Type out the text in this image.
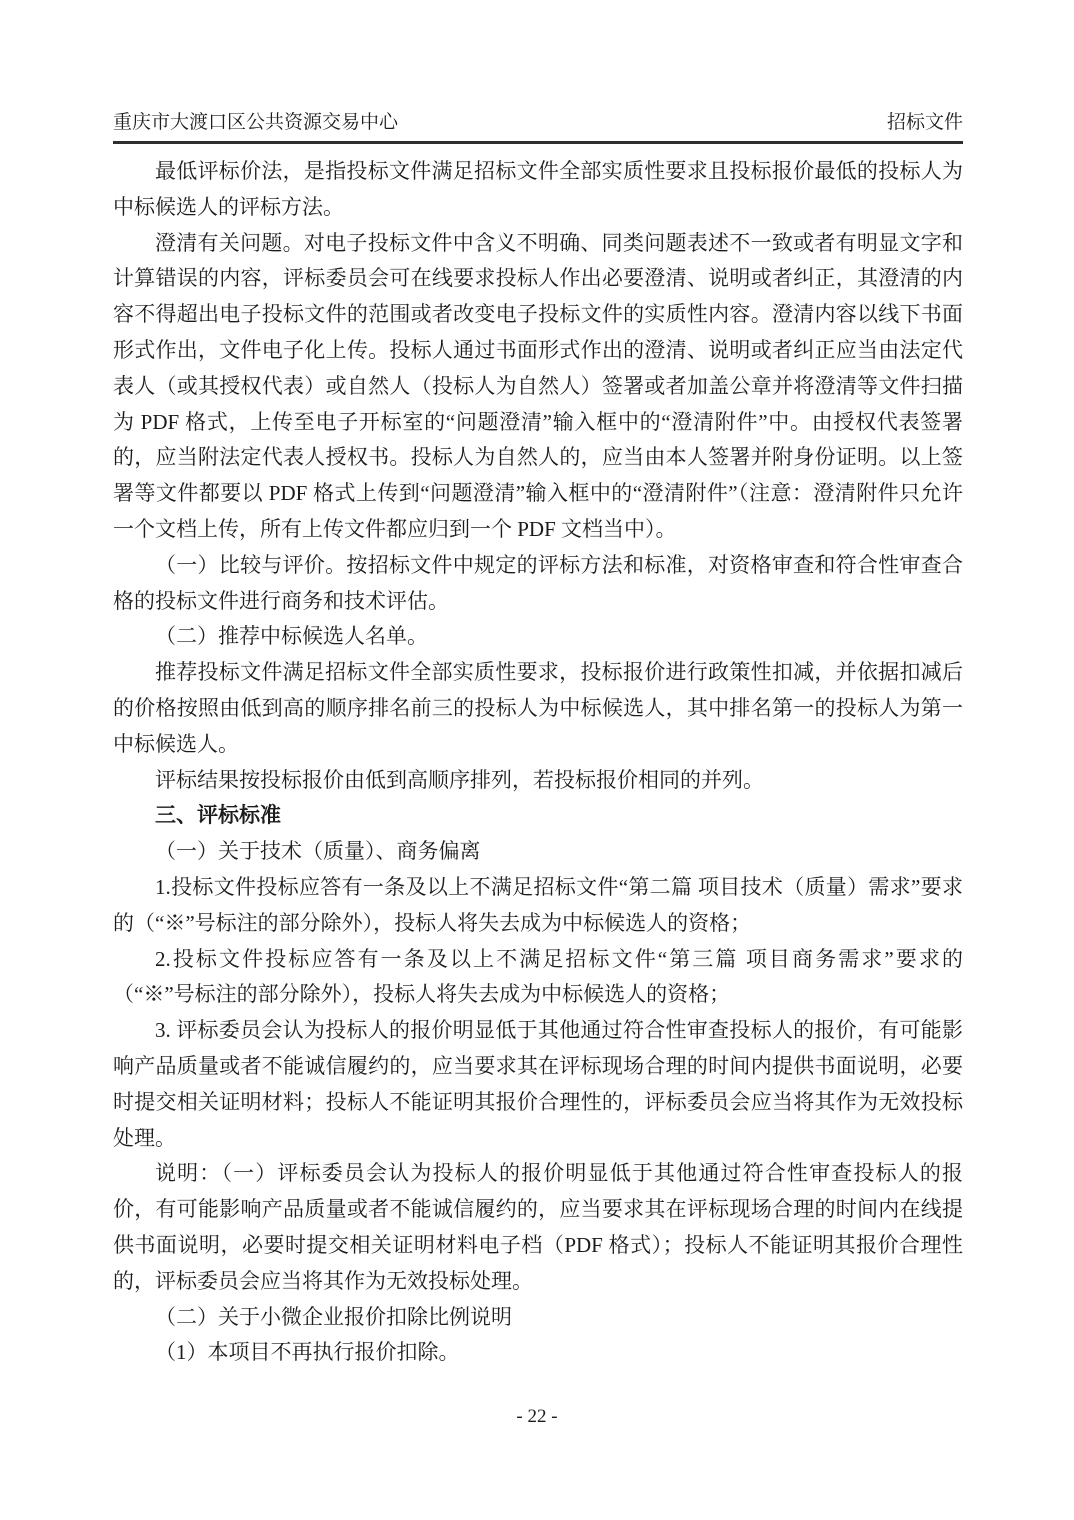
重庆市大渡口区公共资源交易中心	招标文件

最低评标价法，是指投标文件满足招标文件全部实质性要求且投标报价最低的投标人为中标候选人的评标方法。

澄清有关问题。对电子投标文件中含义不明确、同类问题表述不一致或者有明显文字和计算错误的内容，评标委员会可在线要求投标人作出必要澄清、说明或者纠正，其澄清的内容不得超出电子投标文件的范围或者改变电子投标文件的实质性内容。澄清内容以线下书面形式作出，文件电子化上传。投标人通过书面形式作出的澄清、说明或者纠正应当由法定代表人（或其授权代表）或自然人（投标人为自然人）签署或者加盖公章并将澄清等文件扫描为 PDF 格式，上传至电子开标室的“问题澄清”输入框中的“澄清附件”中。由授权代表签署的，应当附法定代表人授权书。投标人为自然人的，应当由本人签署并附身份证明。以上签署等文件都要以 PDF 格式上传到“问题澄清”输入框中的“澄清附件”（注意：澄清附件只允许一个文档上传，所有上传文件都应归到一个 PDF 文档当中）。

（一）比较与评价。按招标文件中规定的评标方法和标准，对资格审查和符合性审查合格的投标文件进行商务和技术评估。

（二）推荐中标候选人名单。

推荐投标文件满足招标文件全部实质性要求，投标报价进行政策性扣减，并依据扣减后的价格按照由低到高的顺序排名前三的投标人为中标候选人，其中排名第一的投标人为第一中标候选人。

评标结果按投标报价由低到高顺序排列，若投标报价相同的并列。

三、评标标准

（一）关于技术（质量）、商务偏离

1.投标文件投标应答有一条及以上不满足招标文件“第二篇 项目技术（质量）需求”要求的（“※”号标注的部分除外），投标人将失去成为中标候选人的资格；

2.投标文件投标应答有一条及以上不满足招标文件“第三篇 项目商务需求”要求的（“※”号标注的部分除外），投标人将失去成为中标候选人的资格；

3. 评标委员会认为投标人的报价明显低于其他通过符合性审查投标人的报价，有可能影响产品质量或者不能诚信履约的，应当要求其在评标现场合理的时间内提供书面说明，必要时提交相关证明材料；投标人不能证明其报价合理性的，评标委员会应当将其作为无效投标处理。

说明：（一）评标委员会认为投标人的报价明显低于其他通过符合性审查投标人的报价，有可能影响产品质量或者不能诚信履约的，应当要求其在评标现场合理的时间内在线提供书面说明，必要时提交相关证明材料电子档（PDF 格式）；投标人不能证明其报价合理性的，评标委员会应当将其作为无效投标处理。

（二）关于小微企业报价扣除比例说明

（1）本项目不再执行报价扣除。

- 22 -
